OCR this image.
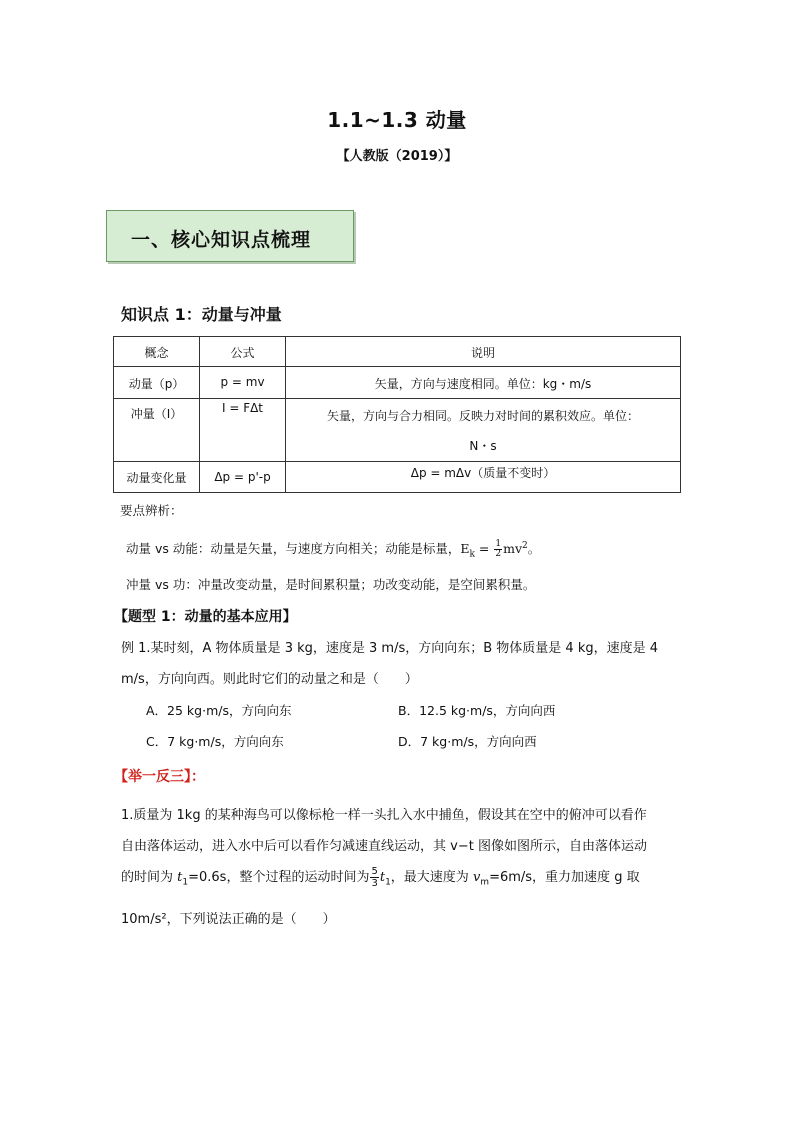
1.1~1.3 动量
【人教版（2019）】
一、核心知识点梳理
知识点 1：动量与冲量
概念	公式	说明

动量（p）	p = mv	矢量，方向与速度相同。单位：kg・m/s

冲量（I）	I = FΔt	矢量，方向与合力相同。反映力对时间的累积效应。单位：
N・s

动量变化量	Δp = p'-p	Δp = mΔv（质量不变时）
要点辨析：
动量 vs 动能：动量是矢量，与速度方向相关；动能是标量，$E_k = \frac{1}{2} mv^2$。
冲量 vs 功：冲量改变动量，是时间累积量；功改变动能，是空间累积量。
【题型 1：动量的基本应用】
例 1.某时刻，A 物体质量是 3 kg，速度是 3 m/s，方向向东；B 物体质量是 4 kg，速度是 4
m/s，方向向西。则此时它们的动量之和是（　　）
A．25 kg·m/s，方向向东	B．12.5 kg·m/s，方向向西
C．7 kg·m/s，方向向东	D．7 kg·m/s，方向向西
【举一反三】：
1.质量为 1kg 的某种海鸟可以像标枪一样一头扎入水中捕鱼，假设其在空中的俯冲可以看作
自由落体运动，进入水中后可以看作匀减速直线运动，其 v−t 图像如图所示，自由落体运动
的时间为 $t_1=0.6s$，整个过程的运动时间为 $\frac{5}{3} t_1$，最大速度为 $v_m=6m/s$，重力加速度 g 取
10m/s²，下列说法正确的是（　　）
